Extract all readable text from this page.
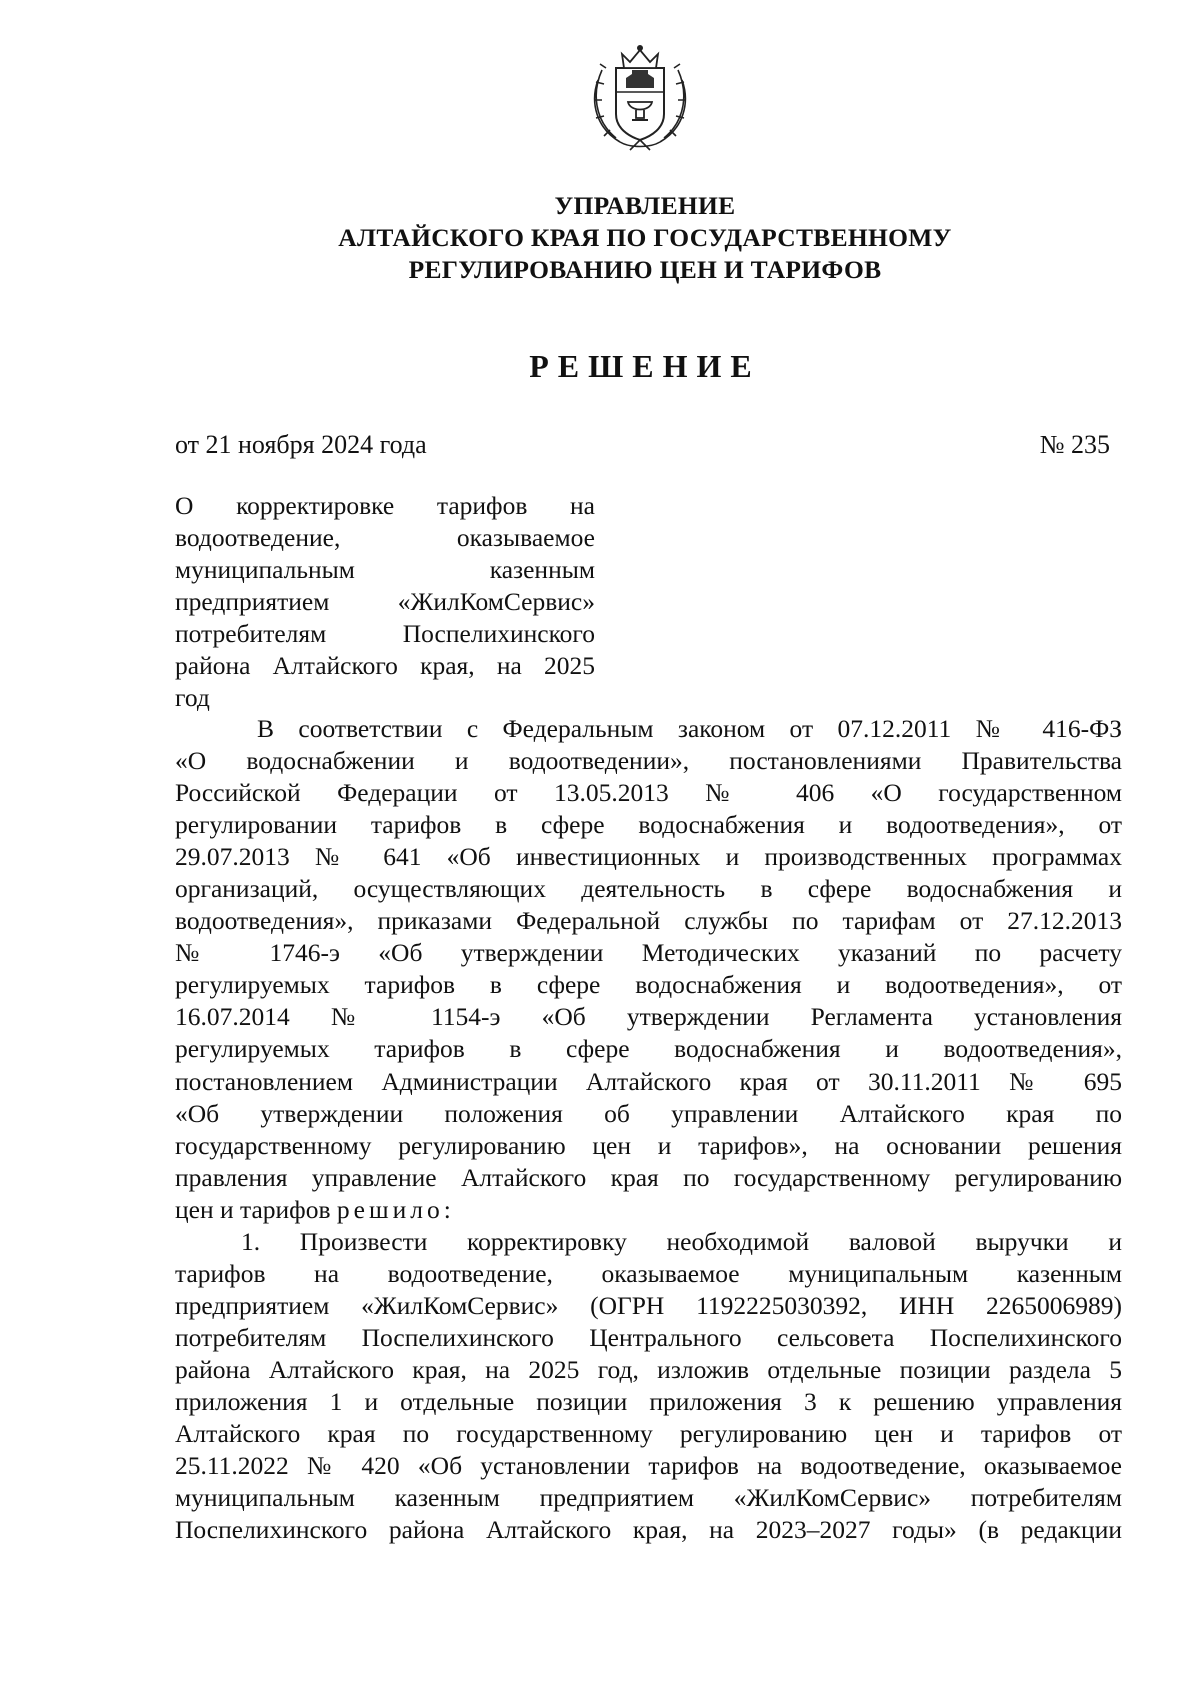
УПРАВЛЕНИЕ
АЛТАЙСКОГО КРАЯ ПО ГОСУДАРСТВЕННОМУ
РЕГУЛИРОВАНИЮ ЦЕН И ТАРИФОВ
РЕШЕНИЕ
от 21 ноября 2024 года	№ 235
О корректировке тарифов на
водоотведение, оказываемое
муниципальным казенным
предприятием «ЖилКомСервис»
потребителям Поспелихинского
района Алтайского края, на 2025
год
В соответствии с Федеральным законом от 07.12.2011 № 416-ФЗ
«О водоснабжении и водоотведении», постановлениями Правительства
Российской Федерации от 13.05.2013 № 406 «О государственном
регулировании тарифов в сфере водоснабжения и водоотведения», от
29.07.2013 № 641 «Об инвестиционных и производственных программах
организаций, осуществляющих деятельность в сфере водоснабжения и
водоотведения», приказами Федеральной службы по тарифам от 27.12.2013
№ 1746-э «Об утверждении Методических указаний по расчету
регулируемых тарифов в сфере водоснабжения и водоотведения», от
16.07.2014 № 1154-э «Об утверждении Регламента установления
регулируемых тарифов в сфере водоснабжения и водоотведения»,
постановлением Администрации Алтайского края от 30.11.2011 № 695
«Об утверждении положения об управлении Алтайского края по
государственному регулированию цен и тарифов», на основании решения
правления управление Алтайского края по государственному регулированию
цен и тарифов решило:
1. Произвести корректировку необходимой валовой выручки и
тарифов на водоотведение, оказываемое муниципальным казенным
предприятием «ЖилКомСервис» (ОГРН 1192225030392, ИНН 2265006989)
потребителям Поспелихинского Центрального сельсовета Поспелихинского
района Алтайского края, на 2025 год, изложив отдельные позиции раздела 5
приложения 1 и отдельные позиции приложения 3 к решению управления
Алтайского края по государственному регулированию цен и тарифов от
25.11.2022 № 420 «Об установлении тарифов на водоотведение, оказываемое
муниципальным казенным предприятием «ЖилКомСервис» потребителям
Поспелихинского района Алтайского края, на 2023–2027 годы» (в редакции
